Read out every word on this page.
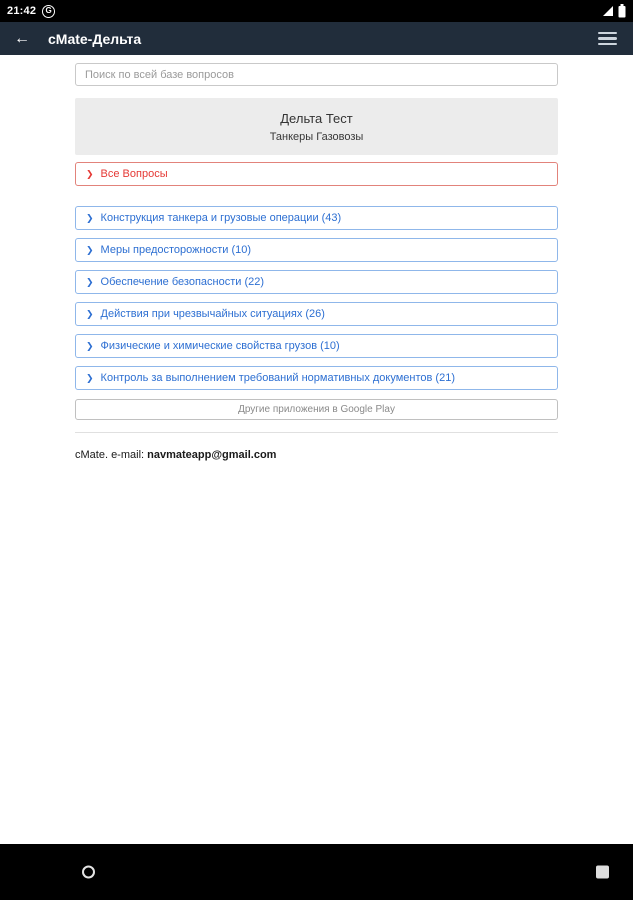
21:42	G
←	cMate-Дельта
Поиск по всей базе вопросов
Дельта Тест
Танкеры Газовозы
❯ Все Вопросы
❯ Конструкция танкера и грузовые операции (43)
❯ Меры предосторожности (10)
❯ Обеспечение безопасности (22)
❯ Действия при чрезвычайных ситуациях (26)
❯ Физические и химические свойства грузов (10)
❯ Контроль за выполнением требований нормативных документов (21)
Другие приложения в Google Play
cMate. e-mail: navmateapp@gmail.com
